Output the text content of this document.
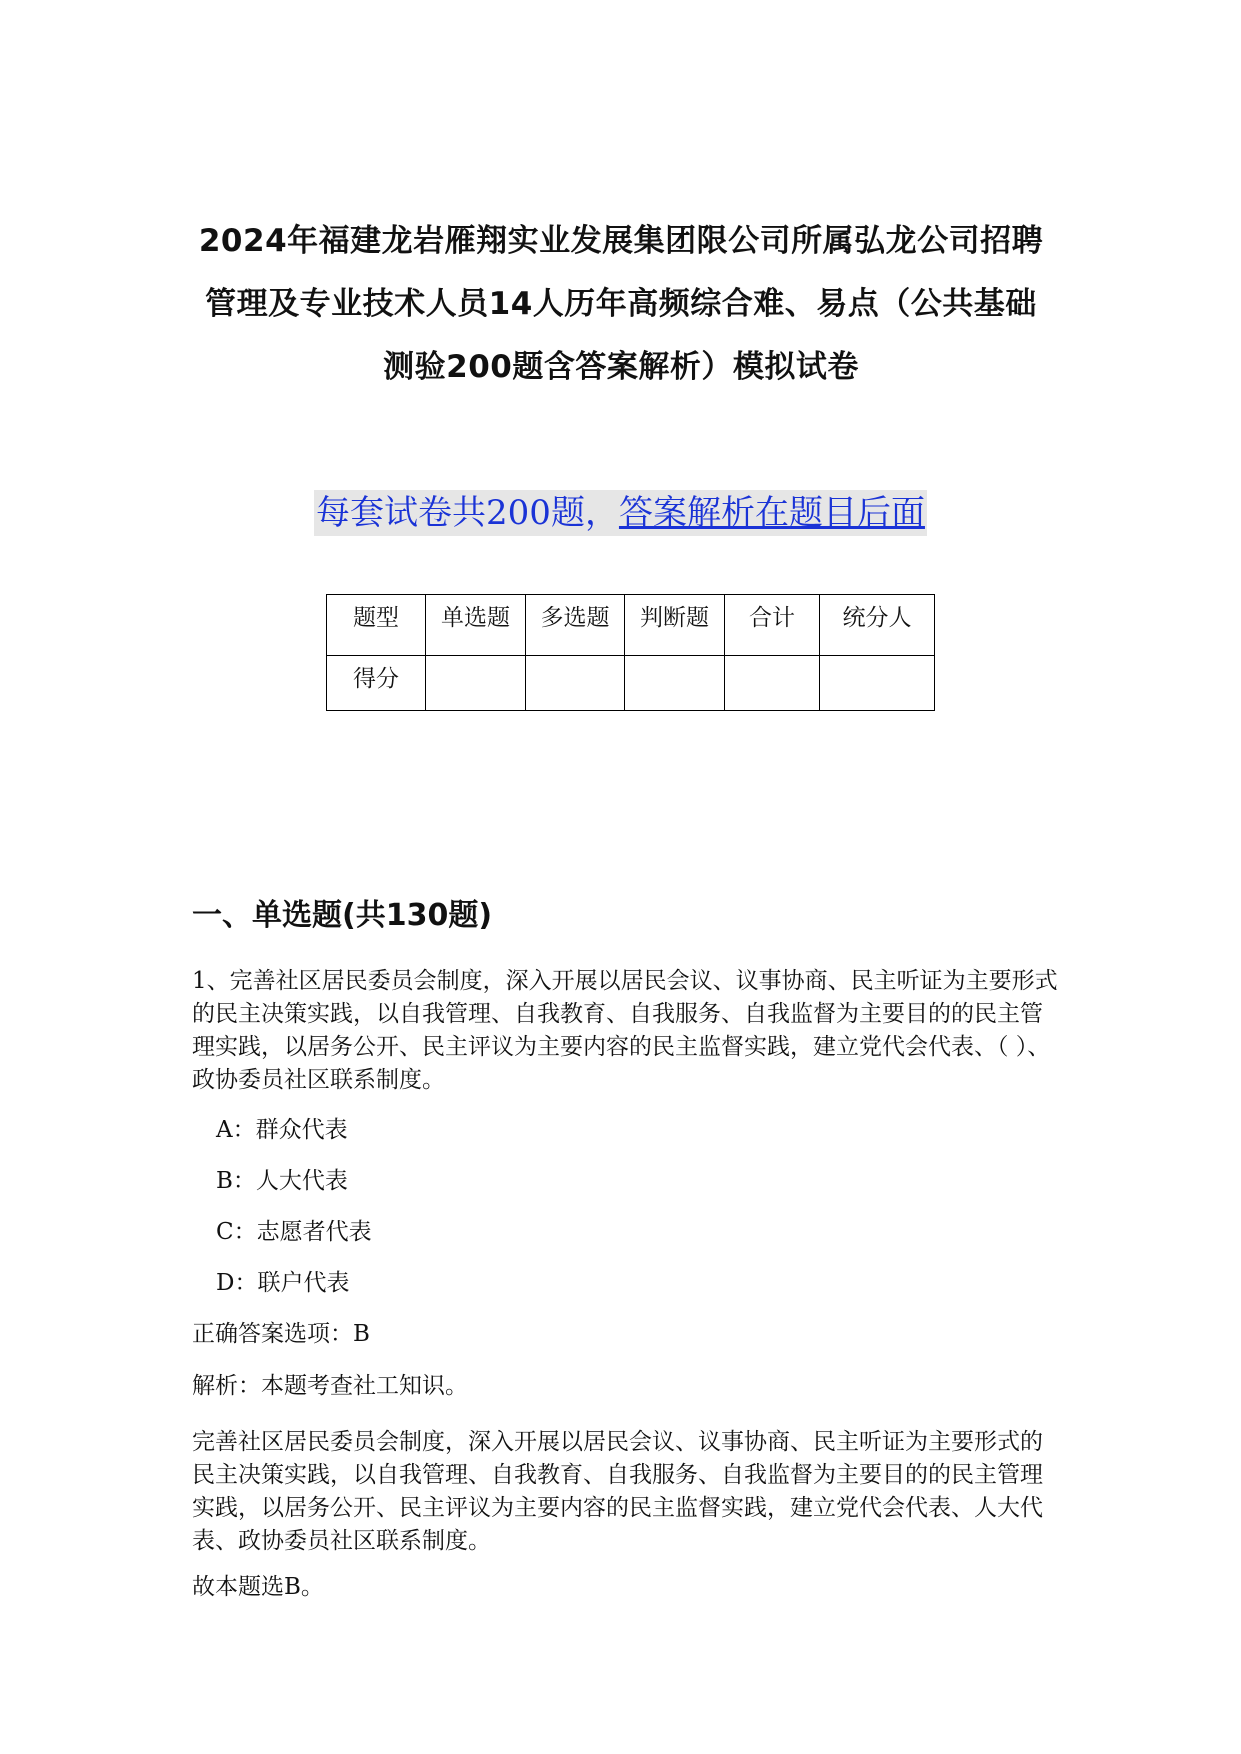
2024年福建龙岩雁翔实业发展集团限公司所属弘龙公司招聘管理及专业技术人员14人历年高频综合难、易点（公共基础测验200题含答案解析）模拟试卷
每套试卷共200题，答案解析在题目后面
题型	单选题	多选题	判断题	合计	统分人
得分					
一、单选题(共130题)

1、完善社区居民委员会制度，深入开展以居民会议、议事协商、民主听证为主要形式的民主决策实践，以自我管理、自我教育、自我服务、自我监督为主要目的的民主管理实践，以居务公开、民主评议为主要内容的民主监督实践，建立党代会代表、（ ）、政协委员社区联系制度。

A：群众代表
B：人大代表
C：志愿者代表
D：联户代表
正确答案选项：B
解析：本题考查社工知识。

完善社区居民委员会制度，深入开展以居民会议、议事协商、民主听证为主要形式的民主决策实践，以自我管理、自我教育、自我服务、自我监督为主要目的的民主管理实践，以居务公开、民主评议为主要内容的民主监督实践，建立党代会代表、人大代表、政协委员社区联系制度。

故本题选B。
